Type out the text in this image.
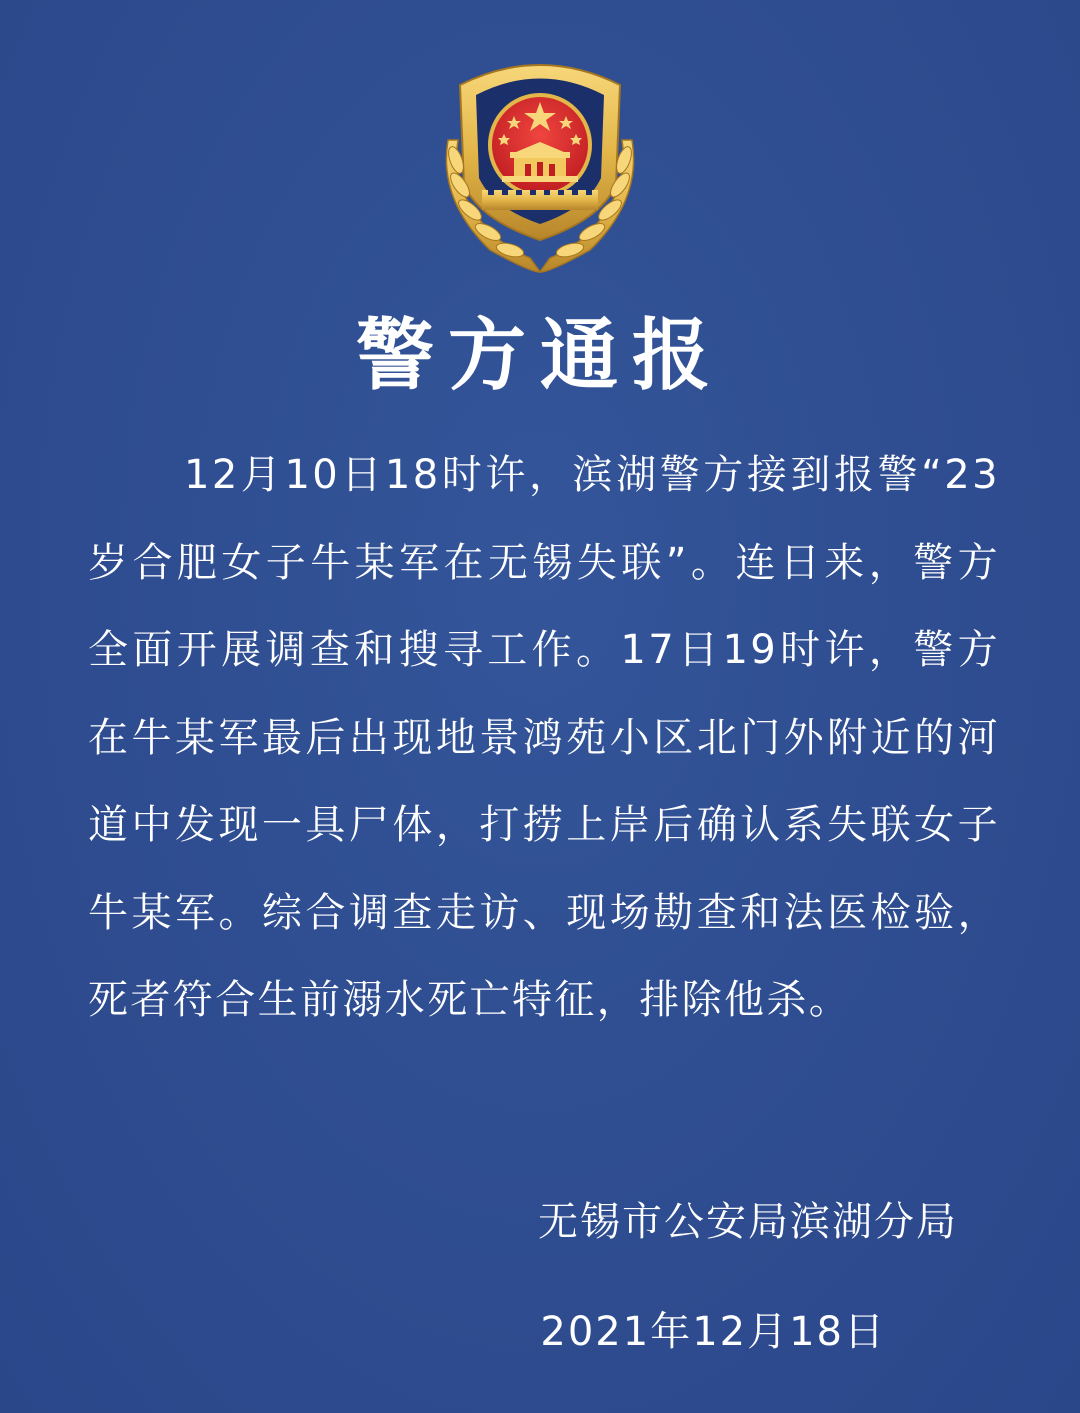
警方通报

12月10日18时许，滨湖警方接到报警“23岁合肥女子牛某军在无锡失联”。连日来，警方全面开展调查和搜寻工作。17日19时许，警方在牛某军最后出现地景鸿苑小区北门外附近的河道中发现一具尸体，打捞上岸后确认系失联女子牛某军。综合调查走访、现场勘查和法医检验，死者符合生前溺水死亡特征，排除他杀。

无锡市公安局滨湖分局
2021年12月18日
